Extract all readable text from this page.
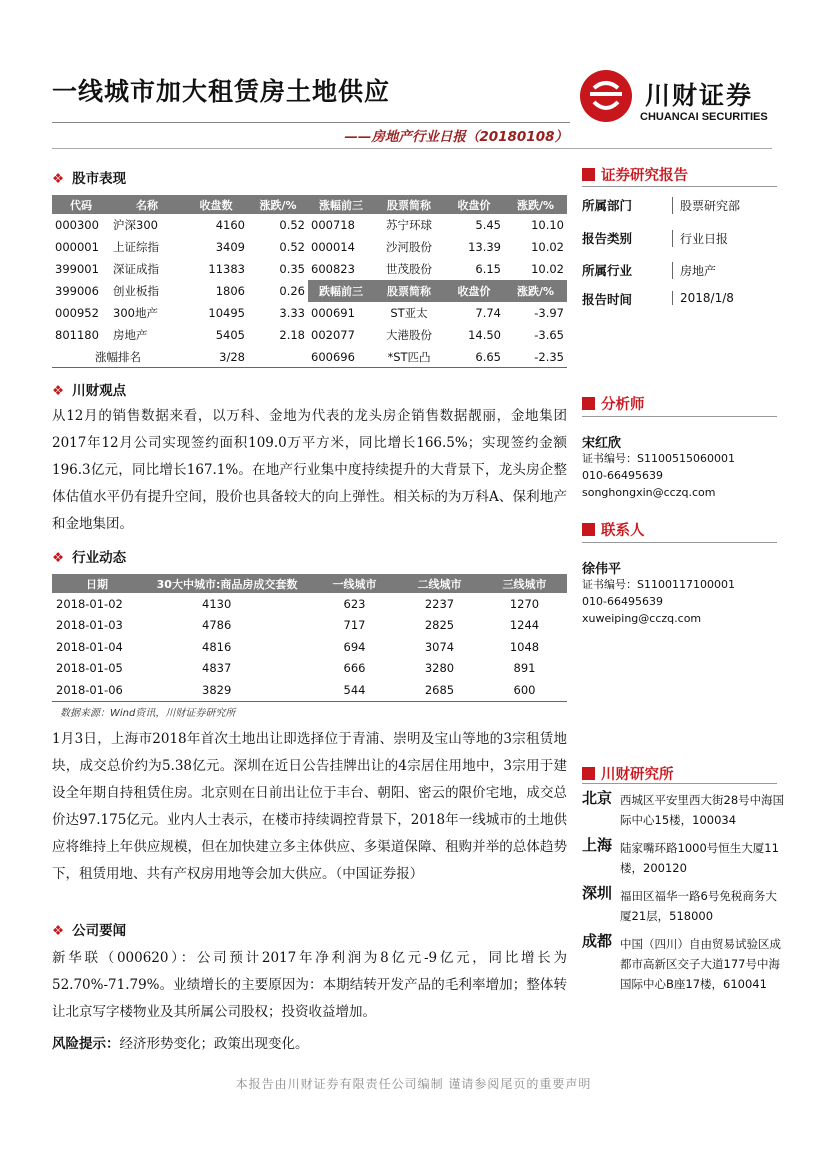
一线城市加大租赁房土地供应	川财证券
CHUANCAI SECURITIES
——房地产行业日报（20180108）
❖ 股市表现
代码	名称	收盘数	涨跌/%	涨幅前三	股票简称	收盘价	涨跌/%
000300	沪深300	4160	0.52	000718	苏宁环球	5.45	10.10
000001	上证综指	3409	0.52	000014	沙河股份	13.39	10.02
399001	深证成指	11383	0.35	600823	世茂股份	6.15	10.02
399006	创业板指	1806	0.26	跌幅前三	股票简称	收盘价	涨跌/%
000952	300地产	10495	3.33	000691	ST亚太	7.74	-3.97
801180	房地产	5405	2.18	002077	大港股份	14.50	-3.65
涨幅排名		3/28		600696	*ST匹凸	6.65	-2.35
❖ 川财观点
从12月的销售数据来看，以万科、金地为代表的龙头房企销售数据靓丽，金地集团2017年12月公司实现签约面积109.0万平方米，同比增长166.5%；实现签约金额196.3亿元，同比增长167.1%。在地产行业集中度持续提升的大背景下，龙头房企整体估值水平仍有提升空间，股价也具备较大的向上弹性。相关标的为万科A、保利地产和金地集团。
❖ 行业动态
日期	30大中城市:商品房成交套数	一线城市	二线城市	三线城市
2018-01-02	4130	623	2237	1270
2018-01-03	4786	717	2825	1244
2018-01-04	4816	694	3074	1048
2018-01-05	4837	666	3280	891
2018-01-06	3829	544	2685	600
数据来源：Wind资讯，川财证券研究所
1月3日，上海市2018年首次土地出让即选择位于青浦、崇明及宝山等地的3宗租赁地块，成交总价约为5.38亿元。深圳在近日公告挂牌出让的4宗居住用地中，3宗用于建设全年期自持租赁住房。北京则在日前出让位于丰台、朝阳、密云的限价宅地，成交总价达97.175亿元。业内人士表示，在楼市持续调控背景下，2018年一线城市的土地供应将维持上年供应规模，但在加快建立多主体供应、多渠道保障、租购并举的总体趋势下，租赁用地、共有产权房用地等会加大供应。（中国证券报）
❖ 公司要闻
新华联（000620）：公司预计2017年净利润为8亿元-9亿元，同比增长为52.70%-71.79%。业绩增长的主要原因为：本期结转开发产品的毛利率增加；整体转让北京写字楼物业及其所属公司股权；投资收益增加。
风险提示：经济形势变化；政策出现变化。
证券研究报告
所属部门	股票研究部
报告类别	行业日报
所属行业	房地产
报告时间	2018/1/8
分析师
宋红欣
证书编号：S1100515060001
010-66495639
songhongxin@cczq.com
联系人
徐伟平
证书编号：S1100117100001
010-66495639
xuweiping@cczq.com
川财研究所
北京 西城区平安里西大街28号中海国际中心15楼，100034
上海 陆家嘴环路1000号恒生大厦11楼，200120
深圳 福田区福华一路6号免税商务大厦21层，518000
成都 中国（四川）自由贸易试验区成都市高新区交子大道177号中海国际中心B座17楼，610041
本报告由川财证券有限责任公司编制 谨请参阅尾页的重要声明
